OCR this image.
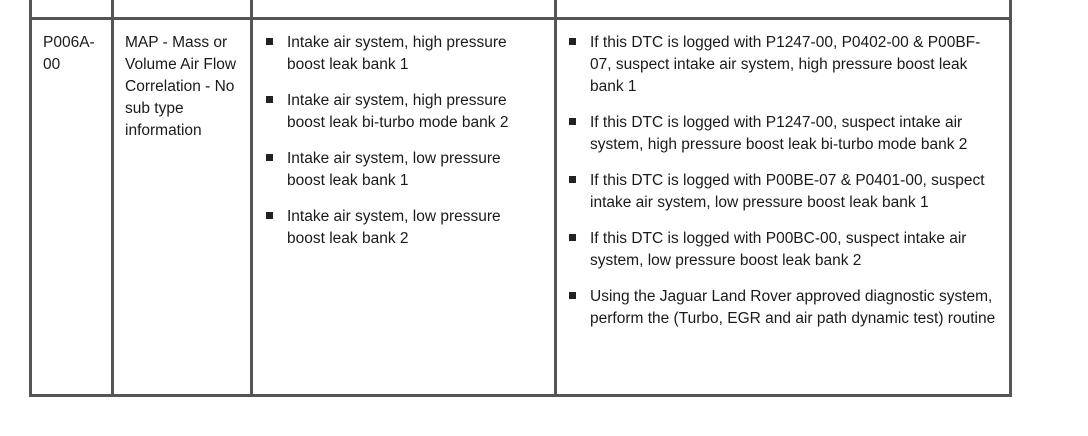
P006A-00
MAP - Mass or Volume Air Flow Correlation - No sub type information
Intake air system, high pressure boost leak bank 1
Intake air system, high pressure boost leak bi-turbo mode bank 2
Intake air system, low pressure boost leak bank 1
Intake air system, low pressure boost leak bank 2
If this DTC is logged with P1247-00, P0402-00 & P00BF-07, suspect intake air system, high pressure boost leak bank 1
If this DTC is logged with P1247-00, suspect intake air system, high pressure boost leak bi-turbo mode bank 2
If this DTC is logged with P00BE-07 & P0401-00, suspect intake air system, low pressure boost leak bank 1
If this DTC is logged with P00BC-00, suspect intake air system, low pressure boost leak bank 2
Using the Jaguar Land Rover approved diagnostic system, perform the (Turbo, EGR and air path dynamic test) routine
